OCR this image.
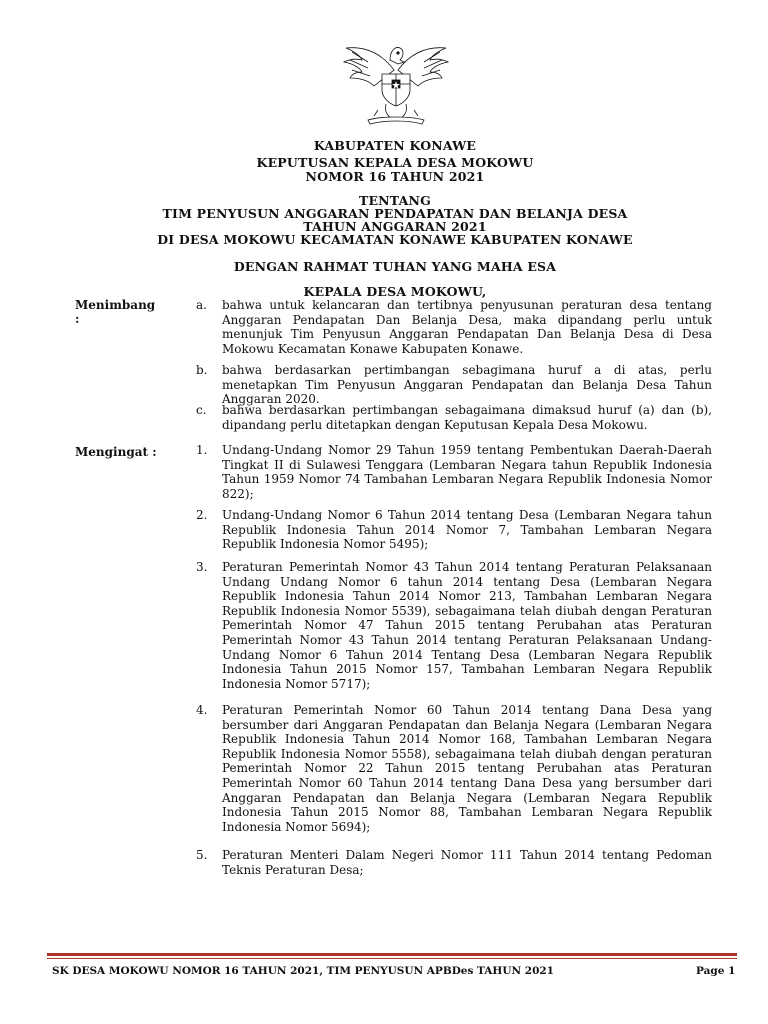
KABUPATEN KONAWE
KEPUTUSAN KEPALA DESA MOKOWU
NOMOR 16 TAHUN 2021
TENTANG
TIM PENYUSUN ANGGARAN PENDAPATAN DAN BELANJA DESA
TAHUN ANGGARAN 2021
DI DESA MOKOWU KECAMATAN KONAWE KABUPATEN KONAWE
DENGAN RAHMAT TUHAN YANG MAHA ESA
KEPALA DESA MOKOWU,
Menimbang
:
a.	bahwa untuk kelancaran dan tertibnya penyusunan peraturan desa tentang Anggaran Pendapatan Dan Belanja Desa, maka dipandang perlu untuk menunjuk Tim Penyusun Anggaran Pendapatan Dan Belanja Desa di Desa Mokowu Kecamatan Konawe Kabupaten Konawe.
b.	bahwa berdasarkan pertimbangan sebagimana huruf a di atas, perlu menetapkan Tim Penyusun Anggaran Pendapatan dan Belanja Desa Tahun Anggaran 2020.
c.	bahwa berdasarkan pertimbangan sebagaimana dimaksud huruf (a) dan (b), dipandang perlu ditetapkan dengan Keputusan Kepala Desa Mokowu.
Mengingat :	1.	Undang-Undang Nomor 29 Tahun 1959 tentang Pembentukan Daerah-Daerah Tingkat II di Sulawesi Tenggara (Lembaran Negara tahun Republik Indonesia Tahun 1959 Nomor 74 Tambahan Lembaran Negara Republik Indonesia Nomor 822);
2.	Undang-Undang Nomor 6 Tahun 2014 tentang Desa (Lembaran Negara tahun Republik Indonesia Tahun 2014 Nomor 7, Tambahan Lembaran Negara Republik Indonesia Nomor 5495);
3.	Peraturan Pemerintah Nomor 43 Tahun 2014 tentang Peraturan Pelaksanaan Undang Undang Nomor 6 tahun 2014 tentang Desa (Lembaran Negara Republik Indonesia Tahun 2014 Nomor 213, Tambahan Lembaran Negara Republik Indonesia Nomor 5539), sebagaimana telah diubah dengan Peraturan Pemerintah Nomor 47 Tahun 2015 tentang Perubahan atas Peraturan Pemerintah Nomor 43 Tahun 2014 tentang Peraturan Pelaksanaan Undang-Undang Nomor 6 Tahun 2014 Tentang Desa (Lembaran Negara Republik Indonesia Tahun 2015 Nomor 157, Tambahan Lembaran Negara Republik Indonesia Nomor 5717);
4.	Peraturan Pemerintah Nomor 60 Tahun 2014 tentang Dana Desa yang bersumber dari Anggaran Pendapatan dan Belanja Negara (Lembaran Negara Republik Indonesia Tahun 2014 Nomor 168, Tambahan Lembaran Negara Republik Indonesia Nomor 5558), sebagaimana telah diubah dengan peraturan Pemerintah Nomor 22 Tahun 2015 tentang Perubahan atas Peraturan Pemerintah Nomor 60 Tahun 2014 tentang Dana Desa yang bersumber dari Anggaran Pendapatan dan Belanja Negara (Lembaran Negara Republik Indonesia Tahun 2015 Nomor 88, Tambahan Lembaran Negara Republik Indonesia Nomor 5694);
5.	Peraturan Menteri Dalam Negeri Nomor 111 Tahun 2014 tentang Pedoman Teknis Peraturan Desa;
SK DESA MOKOWU NOMOR 16 TAHUN 2021, TIM PENYUSUN APBDes TAHUN 2021	Page 1
